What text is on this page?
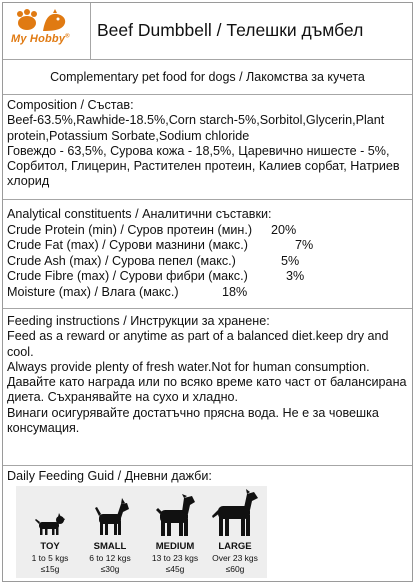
My Hobby® Beef Dumbbell / Телешки дъмбел
Complementary pet food for dogs / Лакомства за кучета
Composition / Състав:
Beef-63.5%,Rawhide-18.5%,Corn starch-5%,Sorbitol,Glycerin,Plant protein,Potassium Sorbate,Sodium chloride
Говеждо - 63,5%, Сурова кожа - 18,5%, Царевично нишесте - 5%, Сорбитол, Глицерин, Растителен протеин, Калиев сорбат, Натриев хлорид
Analytical constituents / Аналитични съставки:
Crude Protein (min) / Суров протеин (мин.) 20%
Crude Fat (max) / Сурови мазнини (макс.)	7%
Crude Ash (max) / Сурова пепел (макс.)	5%
Crude Fibre (max) / Сурови фибри (макс.)	3%
Moisture (max) / Влага (макс.)	18%

Feeding instructions / Инструкции за хранене:

Feed as a reward or anytime as part of a balanced diet.keep dry and cool.

Always provide plenty of fresh water.Not for human consumption.

Давайте като награда или по всяко време като част от балансирана диета. Съхранявайте на сухо и хладно.

Винаги осигурявайте достатъчно прясна вода. Не е за човешка консумация.

Daily Feeding Guid / Дневни дажби:
TOY
1 to 5 kgs
≤15g
SMALL
6 to 12 kgs
≤30g
MEDIUM
13 to 23 kgs
≤45g
LARGE
Over 23 kgs
≤60g
